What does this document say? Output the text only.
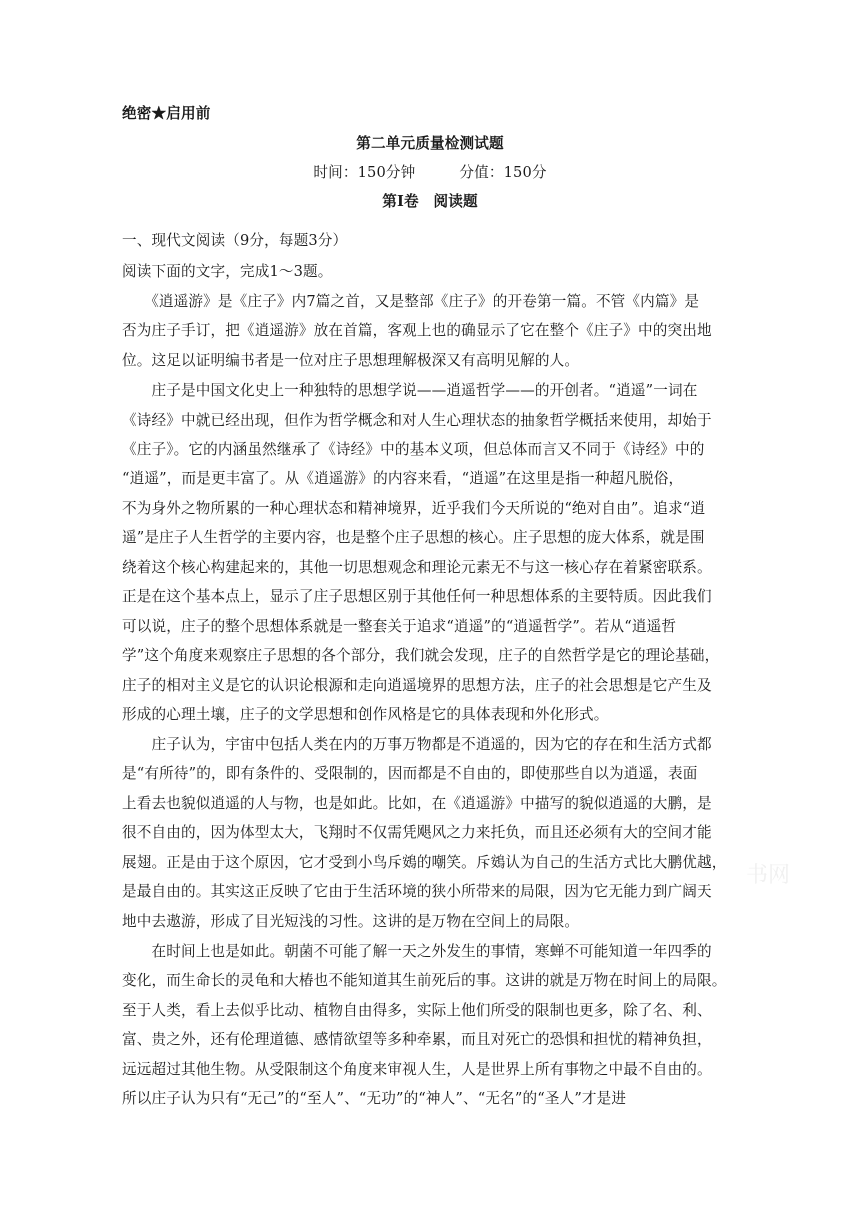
绝密★启用前
第二单元质量检测试题
时间：150分钟	分值：150分
第Ⅰ卷　阅读题
一、现代文阅读（9分，每题3分）
阅读下面的文字，完成1～3题。
　　《逍遥游》是《庄子》内7篇之首，又是整部《庄子》的开卷第一篇。不管《内篇》是
否为庄子手订，把《逍遥游》放在首篇，客观上也的确显示了它在整个《庄子》中的突出地
位。这足以证明编书者是一位对庄子思想理解极深又有高明见解的人。
　　庄子是中国文化史上一种独特的思想学说——逍遥哲学——的开创者。“逍遥”一词在
《诗经》中就已经出现，但作为哲学概念和对人生心理状态的抽象哲学概括来使用，却始于
《庄子》。它的内涵虽然继承了《诗经》中的基本义项，但总体而言又不同于《诗经》中的
“逍遥”，而是更丰富了。从《逍遥游》的内容来看，“逍遥”在这里是指一种超凡脱俗，
不为身外之物所累的一种心理状态和精神境界，近乎我们今天所说的“绝对自由”。追求“逍
遥”是庄子人生哲学的主要内容，也是整个庄子思想的核心。庄子思想的庞大体系，就是围
绕着这个核心构建起来的，其他一切思想观念和理论元素无不与这一核心存在着紧密联系。
正是在这个基本点上，显示了庄子思想区别于其他任何一种思想体系的主要特质。因此我们
可以说，庄子的整个思想体系就是一整套关于追求“逍遥”的“逍遥哲学”。若从“逍遥哲
学”这个角度来观察庄子思想的各个部分，我们就会发现，庄子的自然哲学是它的理论基础，
庄子的相对主义是它的认识论根源和走向逍遥境界的思想方法，庄子的社会思想是它产生及
形成的心理土壤，庄子的文学思想和创作风格是它的具体表现和外化形式。
　　庄子认为，宇宙中包括人类在内的万事万物都是不逍遥的，因为它的存在和生活方式都
是“有所待”的，即有条件的、受限制的，因而都是不自由的，即使那些自以为逍遥，表面
上看去也貌似逍遥的人与物，也是如此。比如，在《逍遥游》中描写的貌似逍遥的大鹏，是
很不自由的，因为体型太大，飞翔时不仅需凭飓风之力来托负，而且还必须有大的空间才能
展翅。正是由于这个原因，它才受到小鸟斥鴳的嘲笑。斥鴳认为自己的生活方式比大鹏优越，
是最自由的。其实这正反映了它由于生活环境的狭小所带来的局限，因为它无能力到广阔天
地中去遨游，形成了目光短浅的习性。这讲的是万物在空间上的局限。
　　在时间上也是如此。朝菌不可能了解一天之外发生的事情，寒蝉不可能知道一年四季的
变化，而生命长的灵龟和大椿也不能知道其生前死后的事。这讲的就是万物在时间上的局限。
至于人类，看上去似乎比动、植物自由得多，实际上他们所受的限制也更多，除了名、利、
富、贵之外，还有伦理道德、感情欲望等多种牵累，而且对死亡的恐惧和担忧的精神负担，
远远超过其他生物。从受限制这个角度来审视人生，人是世界上所有事物之中最不自由的。
所以庄子认为只有“无己”的“至人”、“无功”的“神人”、“无名”的“圣人”才是进
书网
